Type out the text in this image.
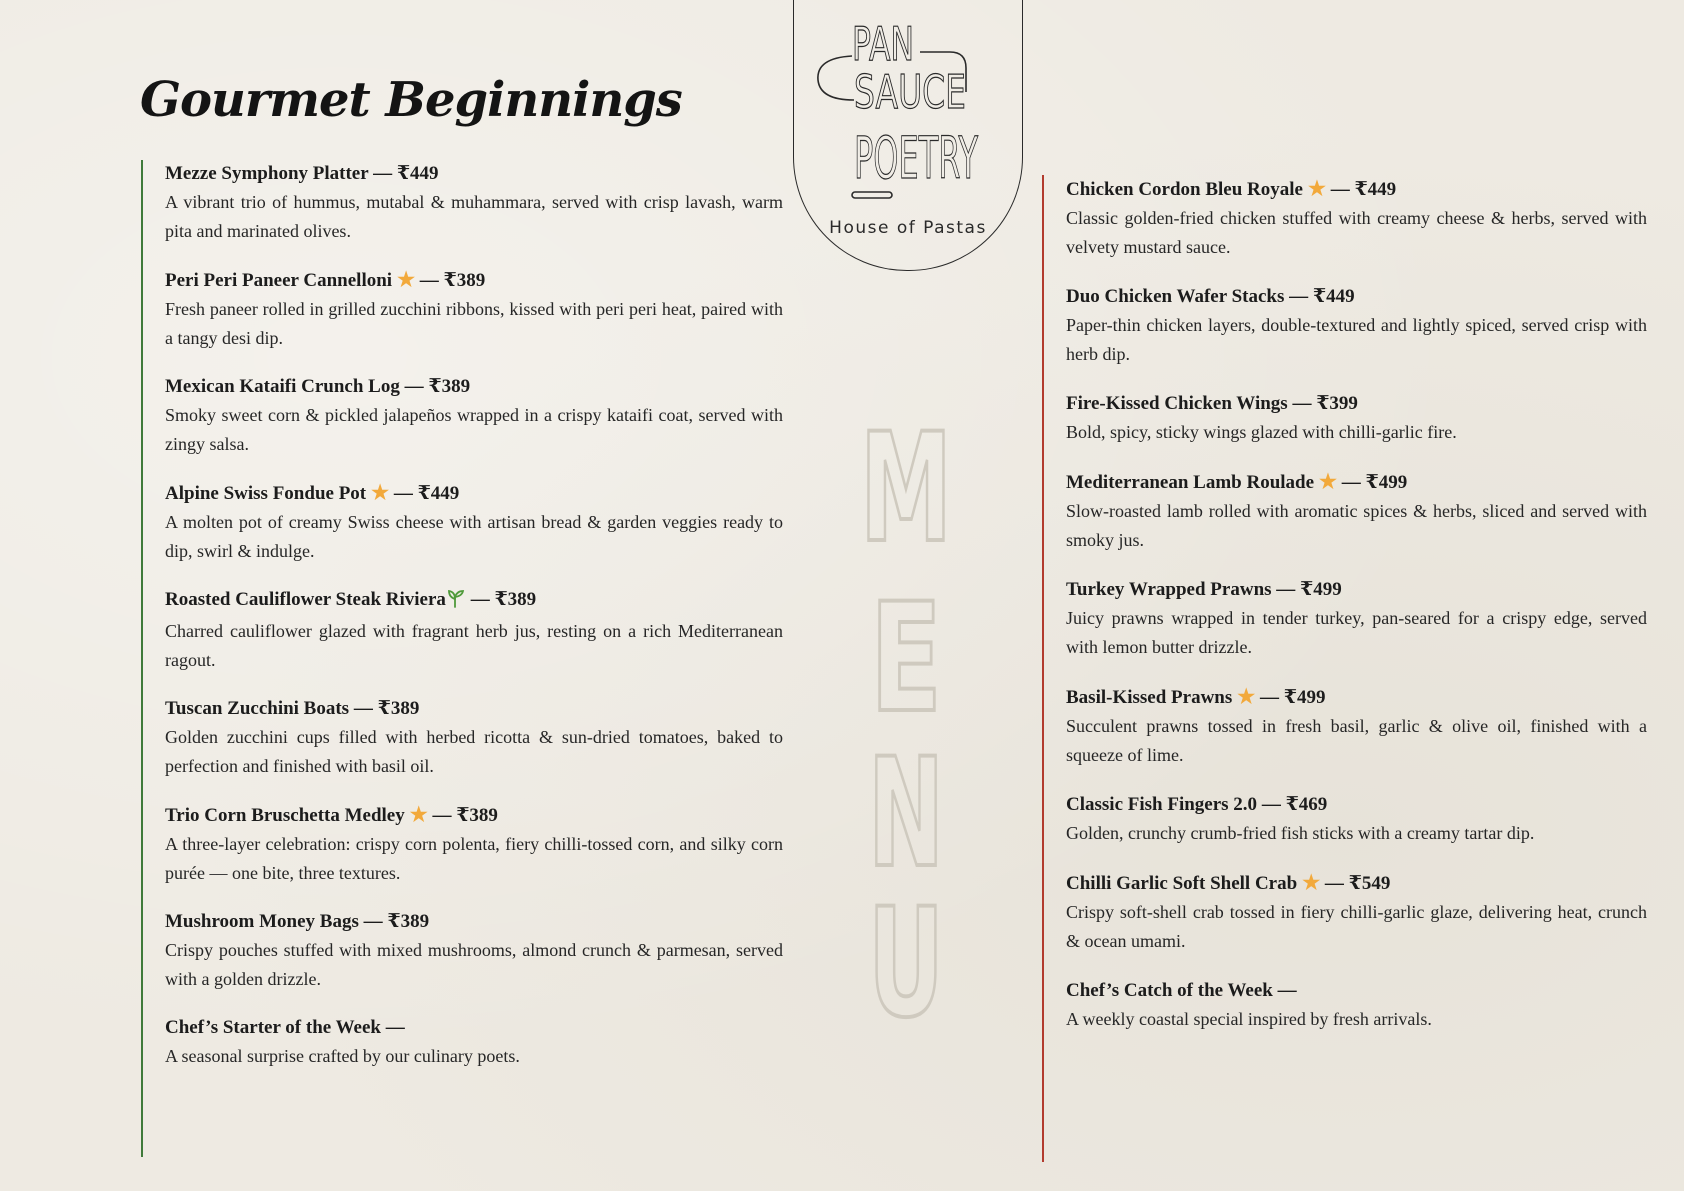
Gourmet Beginnings

Mezze Symphony Platter — ₹449

A vibrant trio of hummus, mutabal & muhammara, served with crisp lavash, warm pita and marinated olives.

Peri Peri Paneer Cannelloni ★ — ₹389

Fresh paneer rolled in grilled zucchini ribbons, kissed with peri peri heat, paired with a tangy desi dip.

Mexican Kataifi Crunch Log — ₹389

Smoky sweet corn & pickled jalapeños wrapped in a crispy kataifi coat, served with zingy salsa.

Alpine Swiss Fondue Pot ★ — ₹449

A molten pot of creamy Swiss cheese with artisan bread & garden veggies ready to dip, swirl & indulge.

Roasted Cauliflower Steak Riviera — ₹389

Charred cauliflower glazed with fragrant herb jus, resting on a rich Mediterranean ragout.

Tuscan Zucchini Boats — ₹389

Golden zucchini cups filled with herbed ricotta & sun-dried tomatoes, baked to perfection and finished with basil oil.

Trio Corn Bruschetta Medley ★ — ₹389

A three-layer celebration: crispy corn polenta, fiery chilli-tossed corn, and silky corn purée — one bite, three textures.

Mushroom Money Bags — ₹389

Crispy pouches stuffed with mixed mushrooms, almond crunch & parmesan, served with a golden drizzle.

Chef’s Starter of the Week —

A seasonal surprise crafted by our culinary poets.

Chicken Cordon Bleu Royale ★ — ₹449

Classic golden-fried chicken stuffed with creamy cheese & herbs, served with velvety mustard sauce.

Duo Chicken Wafer Stacks — ₹449

Paper-thin chicken layers, double-textured and lightly spiced, served crisp with herb dip.

Fire-Kissed Chicken Wings — ₹399

Bold, spicy, sticky wings glazed with chilli-garlic fire.

Mediterranean Lamb Roulade ★ — ₹499

Slow-roasted lamb rolled with aromatic spices & herbs, sliced and served with smoky jus.

Turkey Wrapped Prawns — ₹499

Juicy prawns wrapped in tender turkey, pan-seared for a crispy edge, served with lemon butter drizzle.

Basil-Kissed Prawns ★ — ₹499

Succulent prawns tossed in fresh basil, garlic & olive oil, finished with a squeeze of lime.

Classic Fish Fingers 2.0 — ₹469

Golden, crunchy crumb-fried fish sticks with a creamy tartar dip.

Chilli Garlic Soft Shell Crab ★ — ₹549

Crispy soft-shell crab tossed in fiery chilli-garlic glaze, delivering heat, crunch & ocean umami.

Chef’s Catch of the Week —

A weekly coastal special inspired by fresh arrivals.

PAN
SAUCE
POETRY
House of Pastas
M
E
N
U
